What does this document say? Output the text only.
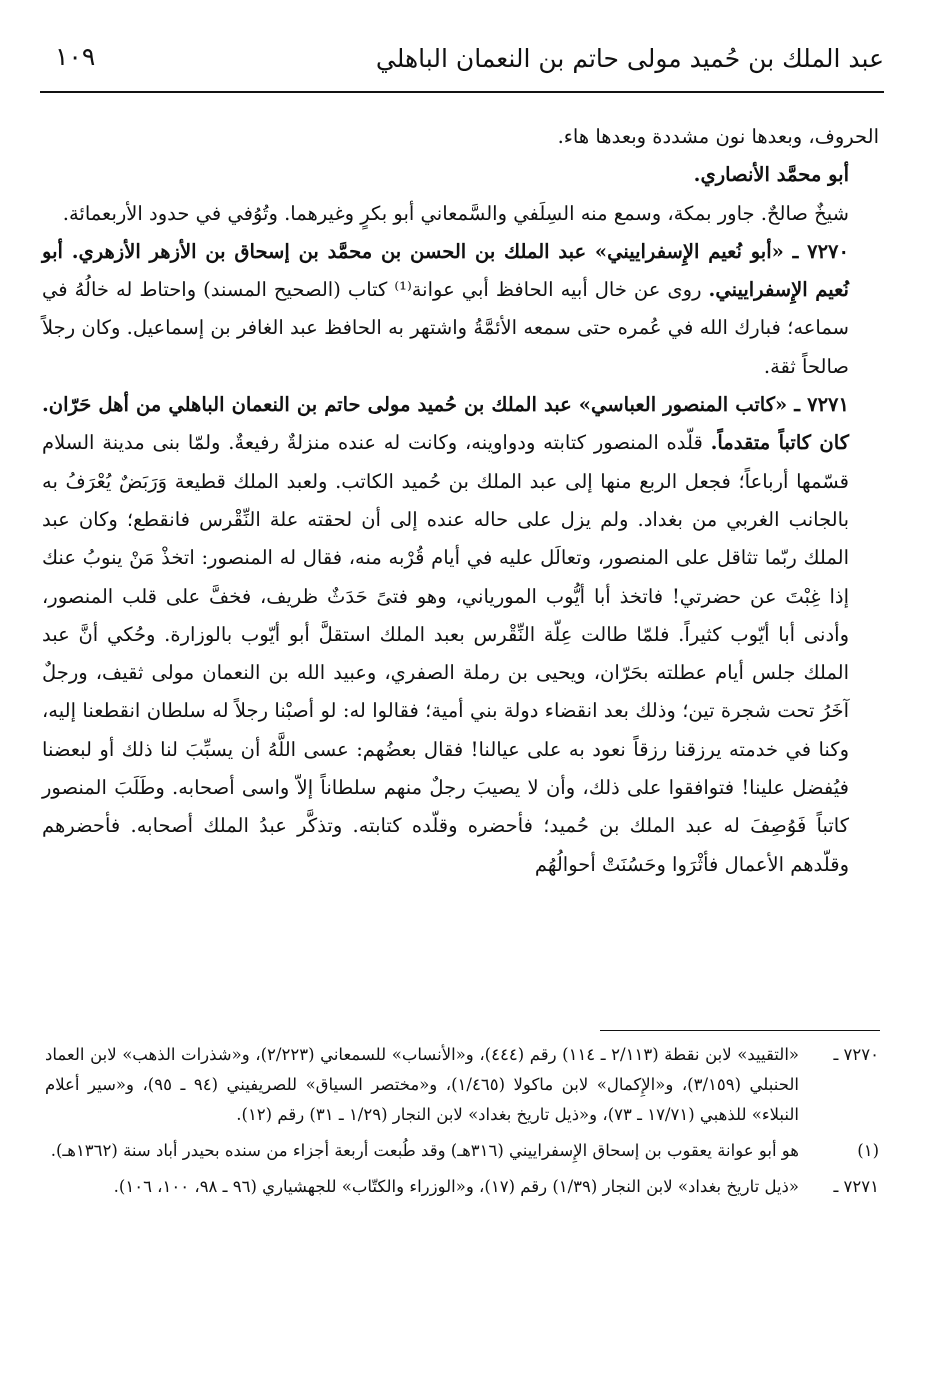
عبد الملك بن حُميد مولى حاتم بن النعمان الباهلي
١٠٩

الحروف، وبعدها نون مشددة وبعدها هاء.

أبو محمَّد الأنصاري.

شيخٌ صالحٌ. جاور بمكة، وسمع منه السِلَفي والسَّمعاني أبو بكرٍ وغيرهما. وتُوُفي في حدود الأربعمائة.

٧٢٧٠ ـ «أبو نُعيم الإِسفراييني» عبد الملك بن الحسن بن محمَّد بن إسحاق بن الأزهر الأزهري. أبو نُعيم الإِسفراييني. روى عن خال أبيه الحافظ أبي عوانة⁽¹⁾ كتاب (الصحيح المسند) واحتاط له خالُهُ في سماعه؛ فبارك الله في عُمره حتى سمعه الأئمَّةُ واشتهر به الحافظ عبد الغافر بن إسماعيل. وكان رجلاً صالحاً ثقة.

٧٢٧١ ـ «كاتب المنصور العباسي» عبد الملك بن حُميد مولى حاتم بن النعمان الباهلي من أهل حَرّان. كان كاتباً متقدماً. قلّده المنصور كتابته ودواوينه، وكانت له عنده منزلةٌ رفيعةٌ. ولمّا بنى مدينة السلام قسّمها أرباعاً؛ فجعل الربع منها إلى عبد الملك بن حُميد الكاتب. ولعبد الملك قطيعة وَرَبَضٌ يُعْرَفُ به بالجانب الغربي من بغداد. ولم يزل على حاله عنده إلى أن لحقته علة النِّقْرس فانقطع؛ وكان عبد الملك ربّما تثاقل على المنصور، وتعالَل عليه في أيام قُرْبه منه، فقال له المنصور: اتخذْ مَنْ ينوبُ عنك إذا غِبْتَ عن حضرتي! فاتخذ أبا أيُّوب المورياني، وهو فتىً حَدَثٌ ظريف، فخفَّ على قلب المنصور، وأدنى أبا أيّوب كثيراً. فلمّا طالت عِلّة النِّقْرس بعبد الملك استقلَّ أبو أيّوب بالوزارة. وحُكي أنَّ عبد الملك جلس أيام عطلته بحَرّان، ويحيى بن رملة الصفري، وعبيد الله بن النعمان مولى ثقيف، ورجلٌ آخَرُ تحت شجرة تين؛ وذلك بعد انقضاء دولة بني أمية؛ فقالوا له: لو أصبْنا رجلاً له سلطان انقطعنا إليه، وكنا في خدمته يرزقنا رزقاً نعود به على عيالنا! فقال بعضُهم: عسى اللَّهُ أن يسبِّبَ لنا ذلك أو لبعضنا فيُفضل علينا! فتوافقوا على ذلك، وأن لا يصيبَ رجلٌ منهم سلطاناً إلاّ واسى أصحابه. وطَلَبَ المنصور كاتباً فَوُصِفَ له عبد الملك بن حُميد؛ فأحضره وقلّده كتابته. وتذكَّر عبدُ الملك أصحابه. فأحضرهم وقلّدهم الأعمال فأثْرَوا وحَسُنَتْ أحوالُهُم

٧٢٧٠ ـ
«التقييد» لابن نقطة (٢/١١٣ ـ ١١٤) رقم (٤٤٤)، و«الأنساب» للسمعاني (٢/٢٢٣)، و«شذرات الذهب» لابن العماد الحنبلي (٣/١٥٩)، و«الإِكمال» لابن ماكولا (١/٤٦٥)، و«مختصر السياق» للصريفيني (٩٤ ـ ٩٥)، و«سير أعلام النبلاء» للذهبي (١٧/٧١ ـ ٧٣)، و«ذيل تاريخ بغداد» لابن النجار (١/٢٩ ـ ٣١) رقم (١٢).
(١)
هو أبو عوانة يعقوب بن إسحاق الإِسفراييني (٣١٦هـ) وقد طُبعت أربعة أجزاء من سنده بحيدر أباد سنة (١٣٦٢هـ).
٧٢٧١ ـ
«ذيل تاريخ بغداد» لابن النجار (١/٣٩) رقم (١٧)، و«الوزراء والكتّاب» للجهشياري (٩٦ ـ ٩٨، ١٠٠، ١٠٦).
